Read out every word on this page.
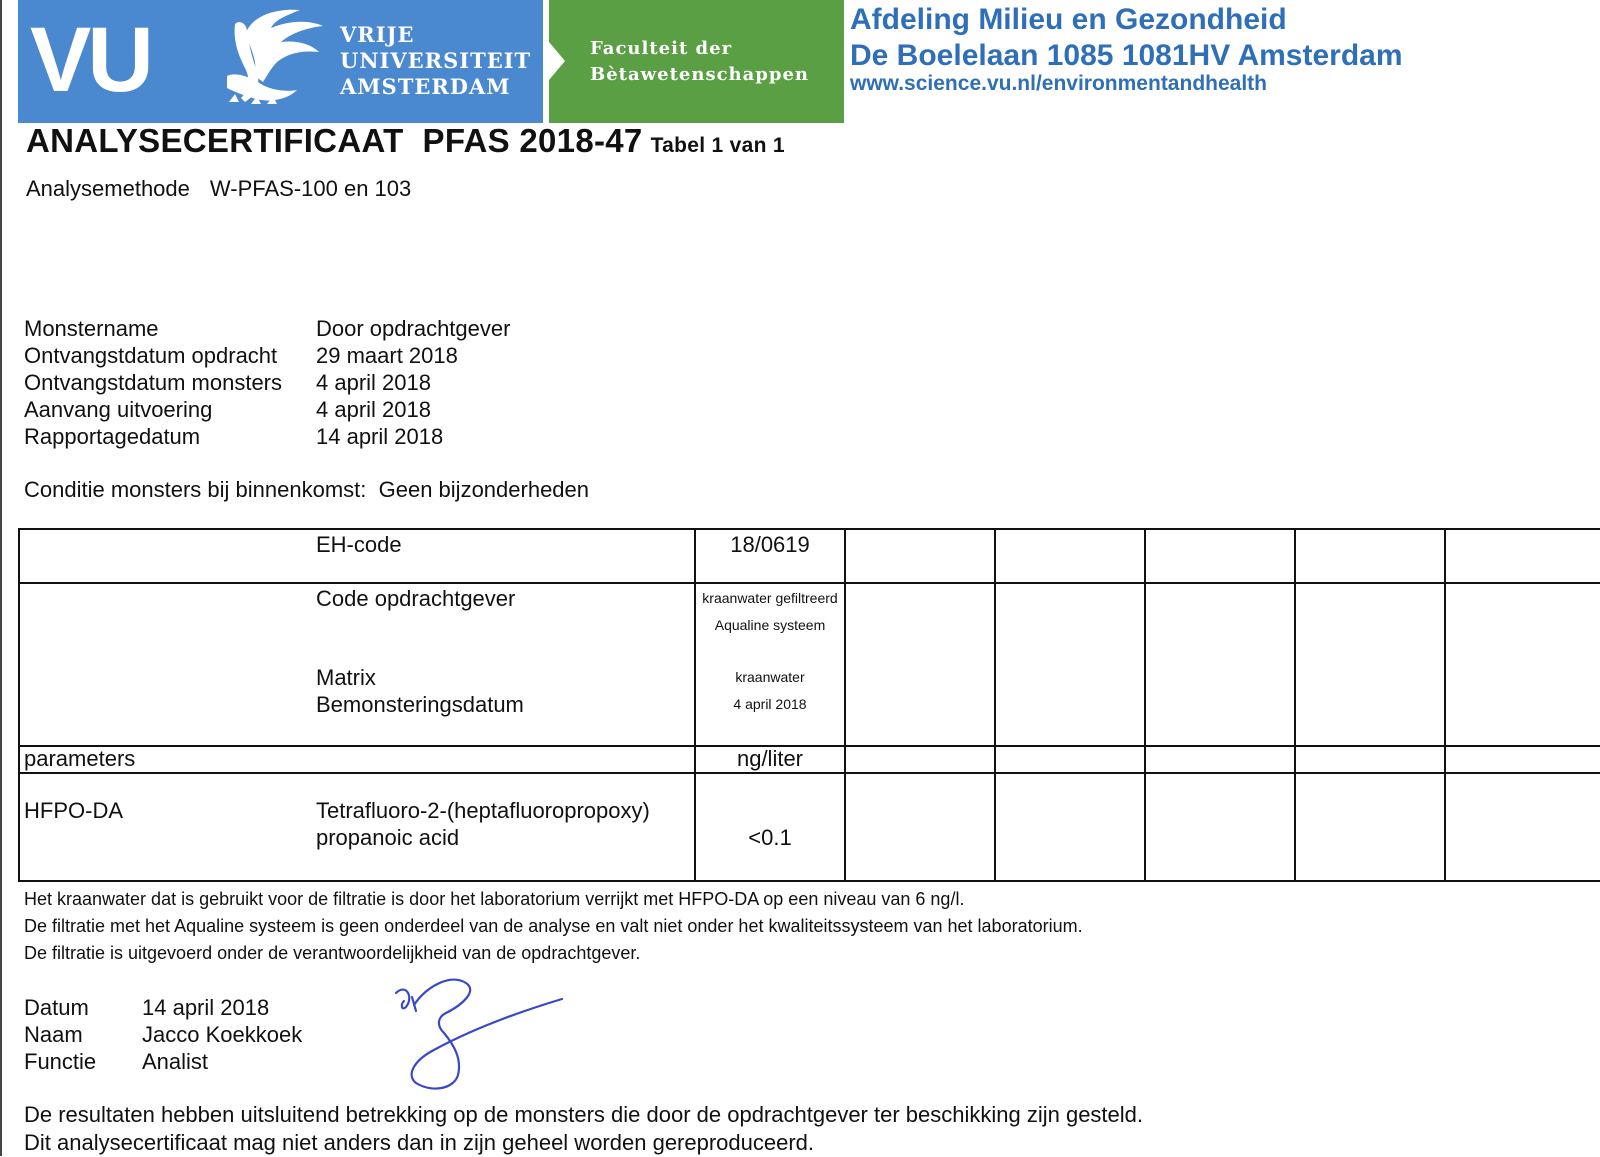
VU	VRIJE
UNIVERSITEIT
AMSTERDAM
Faculteit der
Bètawetenschappen
Afdeling Milieu en Gezondheid
De Boelelaan 1085 1081HV Amsterdam
www.science.vu.nl/environmentandhealth
ANALYSECERTIFICAAT  PFAS 2018-47 Tabel 1 van 1
Analysemethode W-PFAS-100 en 103
Monstername	Door opdrachtgever
Ontvangstdatum opdracht 29 maart 2018
Ontvangstdatum monsters 4 april 2018
Aanvang uitvoering	4 april 2018
Rapportagedatum	14 april 2018
Conditie monsters bij binnenkomst: Geen bijzonderheden
EH-code	18/0619
Code opdrachtgever	kraanwater gefiltreerd
Aqualine systeem
Matrix	kraanwater
Bemonsteringsdatum	4 april 2018
parameters	ng/liter
HFPO-DA	Tetrafluoro-2-(heptafluoropropoxy)
propanoic acid	<0.1
Het kraanwater dat is gebruikt voor de filtratie is door het laboratorium verrijkt met HFPO-DA op een niveau van 6 ng/l.
De filtratie met het Aqualine systeem is geen onderdeel van de analyse en valt niet onder het kwaliteitssysteem van het laboratorium.
De filtratie is uitgevoerd onder de verantwoordelijkheid van de opdrachtgever.
Datum 14 april 2018
Naam	Jacco Koekkoek
Functie Analist
De resultaten hebben uitsluitend betrekking op de monsters die door de opdrachtgever ter beschikking zijn gesteld.
Dit analysecertificaat mag niet anders dan in zijn geheel worden gereproduceerd.
